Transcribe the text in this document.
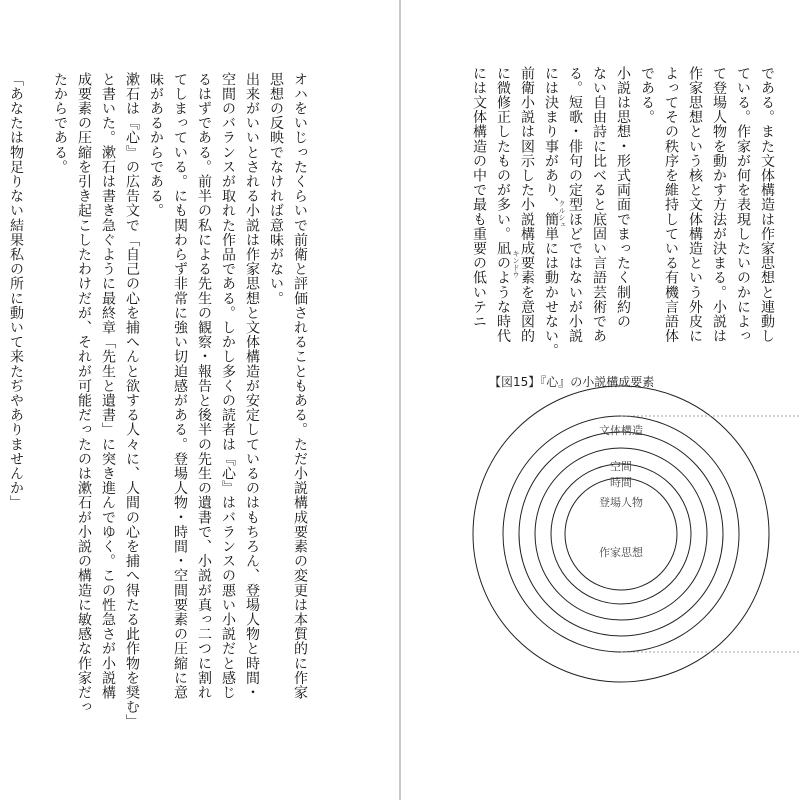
「あなたは物足りない結果私の所に動いて来たぢやありませんか」 たからである。 成要素の圧縮を引き起こしたわけだが、それが可能だったのは漱石が小説の構造に敏感な作家だっ と書いた。漱石は書き急ぐように最終章「先生と遺書」に突き進んでゆく。この性急さが小説構 漱石は『心』の広告文で「自己の心を捕へんと欲する人々に、人間の心を捕へ得たる此作物を奨む」 味があるからである。 てしまっている。にも関わらず非常に強い切迫感がある。登場人物・時間・空間要素の圧縮に意 るはずである。前半の私による先生の観察・報告と後半の先生の遺書で、小説が真っ二つに割れ 空間のバランスが取れた作品である。しかし多くの読者は『心』はバランスの悪い小説だと感じ 出来がいいとされる小説は作家思想と文体構造が安定しているのはもちろん、登場人物と時間・ 思想の反映でなければ意味がない。 オハをいじったくらいで前衛と評価されることもある。ただ小説構成要素の変更は本質的に作家	には文体構造の中で最も重要の低いテニ に微修正したものが多い。凪のような時代 前衛小説は図示した小説構成要素を意図的 には決まり事があり、簡単には動かせない。 る。短歌・俳句の定型ほどではないが小説 ない自由詩に比べると底固い言語芸術であ 小説は思想・形式両面でまったく制約の である。 よってその秩序を維持している有機言語体 作家思想という核と文体構造という外皮に て登場人物を動かす方法が決まる。小説は ている。作家が何を表現したいのかによっ である。また文体構造は作家思想と連動し
クルシュ
キンドウ
【図15】『心』の小説構成要素
文体構造
空間
時間
登場人物
作家思想
